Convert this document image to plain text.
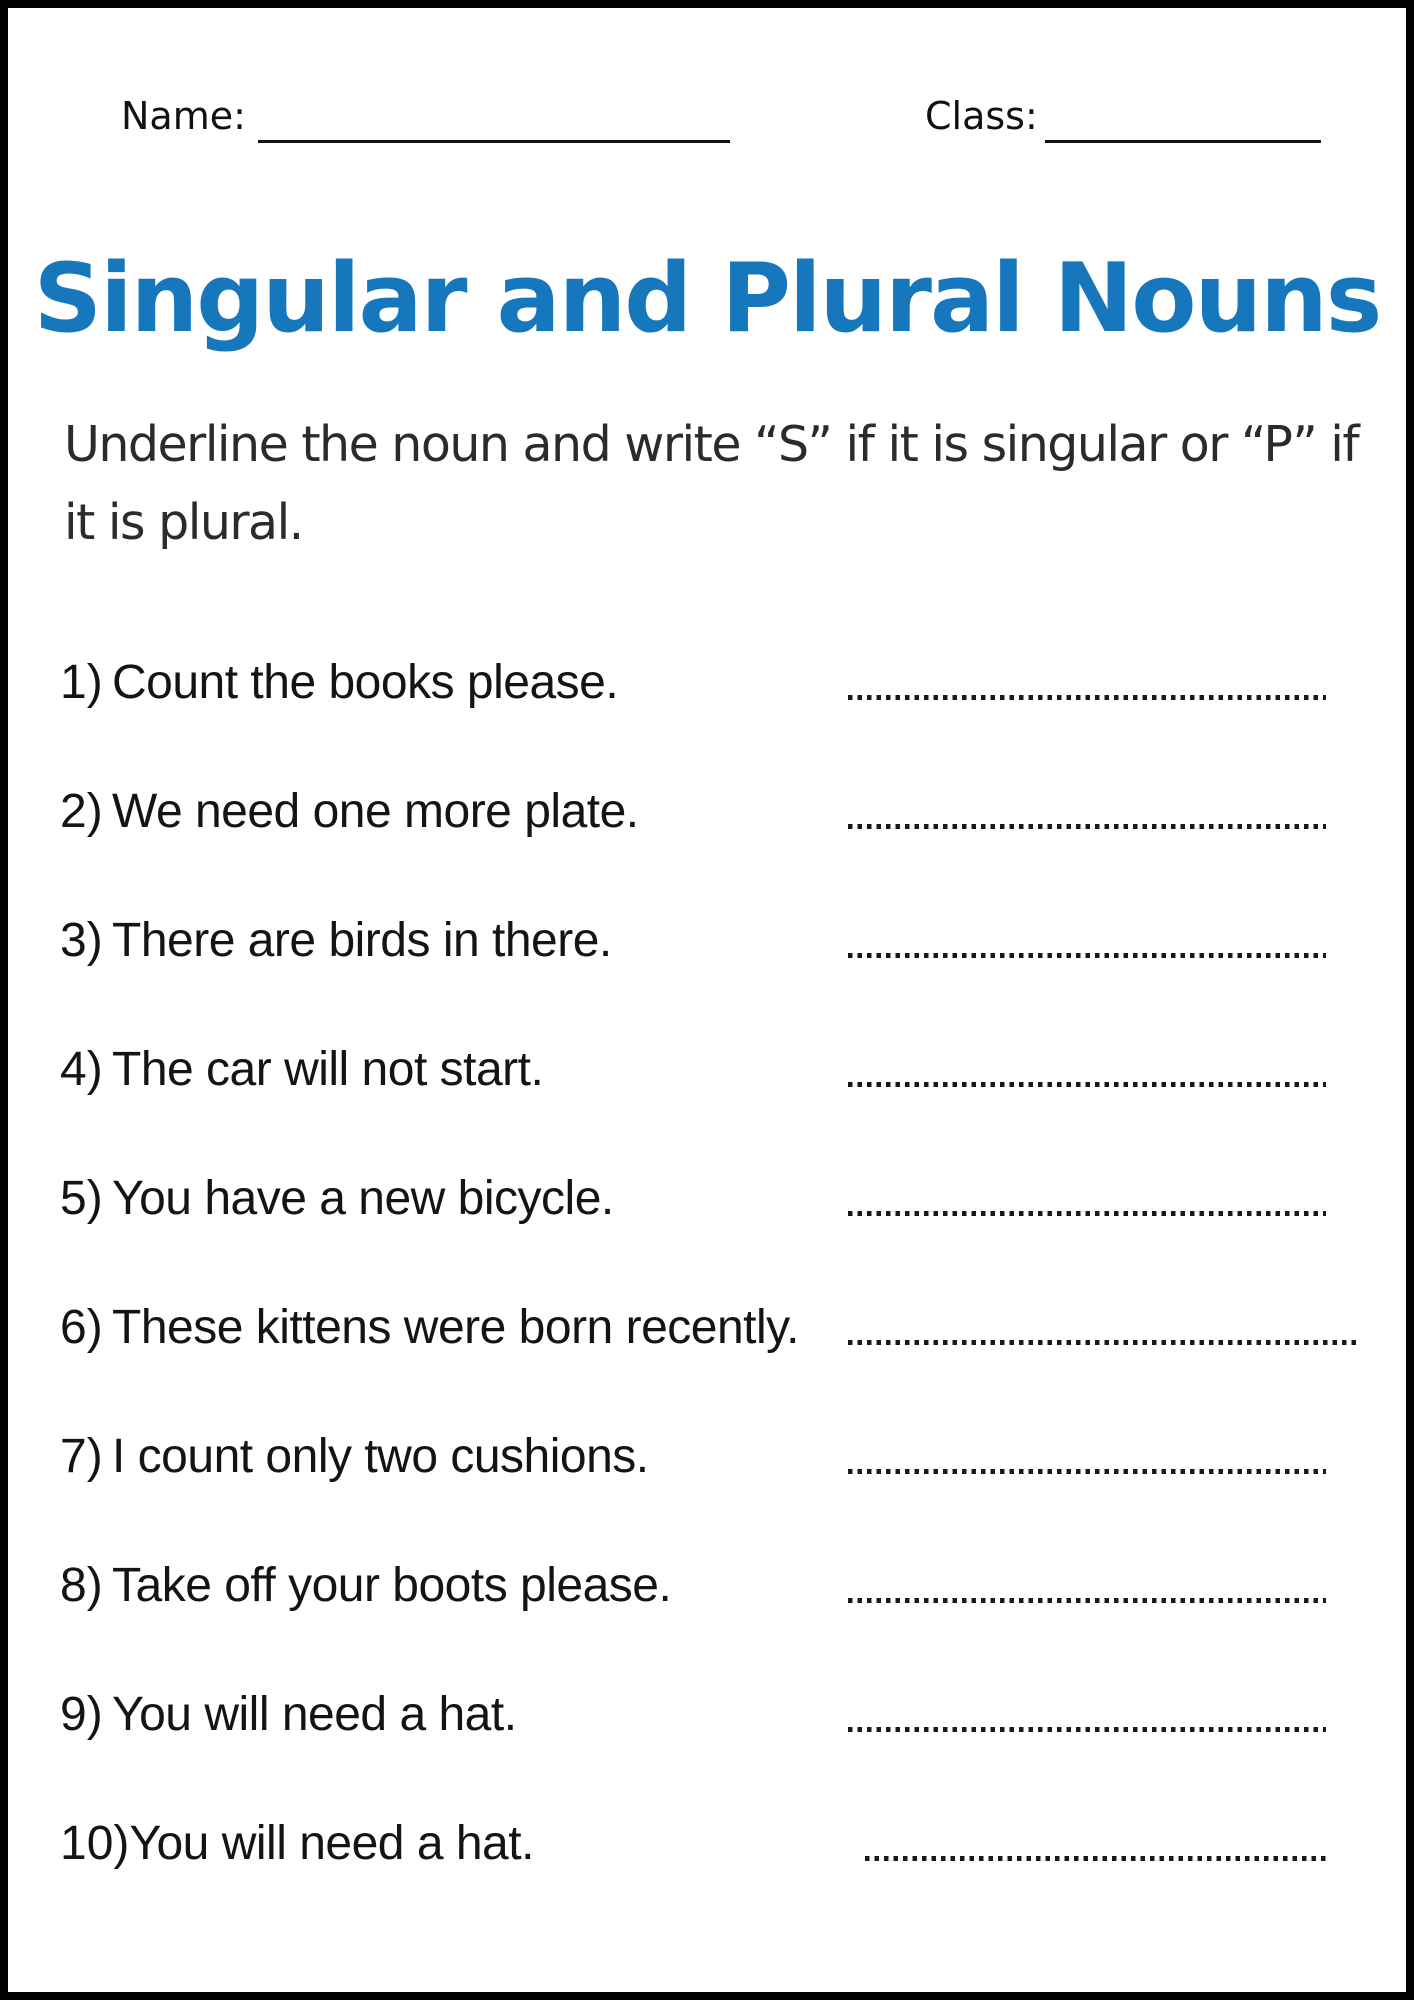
Name:	Class:
Singular and Plural Nouns

Underline the noun and write “S” if it is singular or “P” if it is plural.

1) Count the books please.
2) We need one more plate.
3) There are birds in there.
4) The car will not start.
5) You have a new bicycle.
6) These kittens were born recently.
7) I count only two cushions.
8) Take off your boots please.
9) You will need a hat.
10) You will need a hat.
